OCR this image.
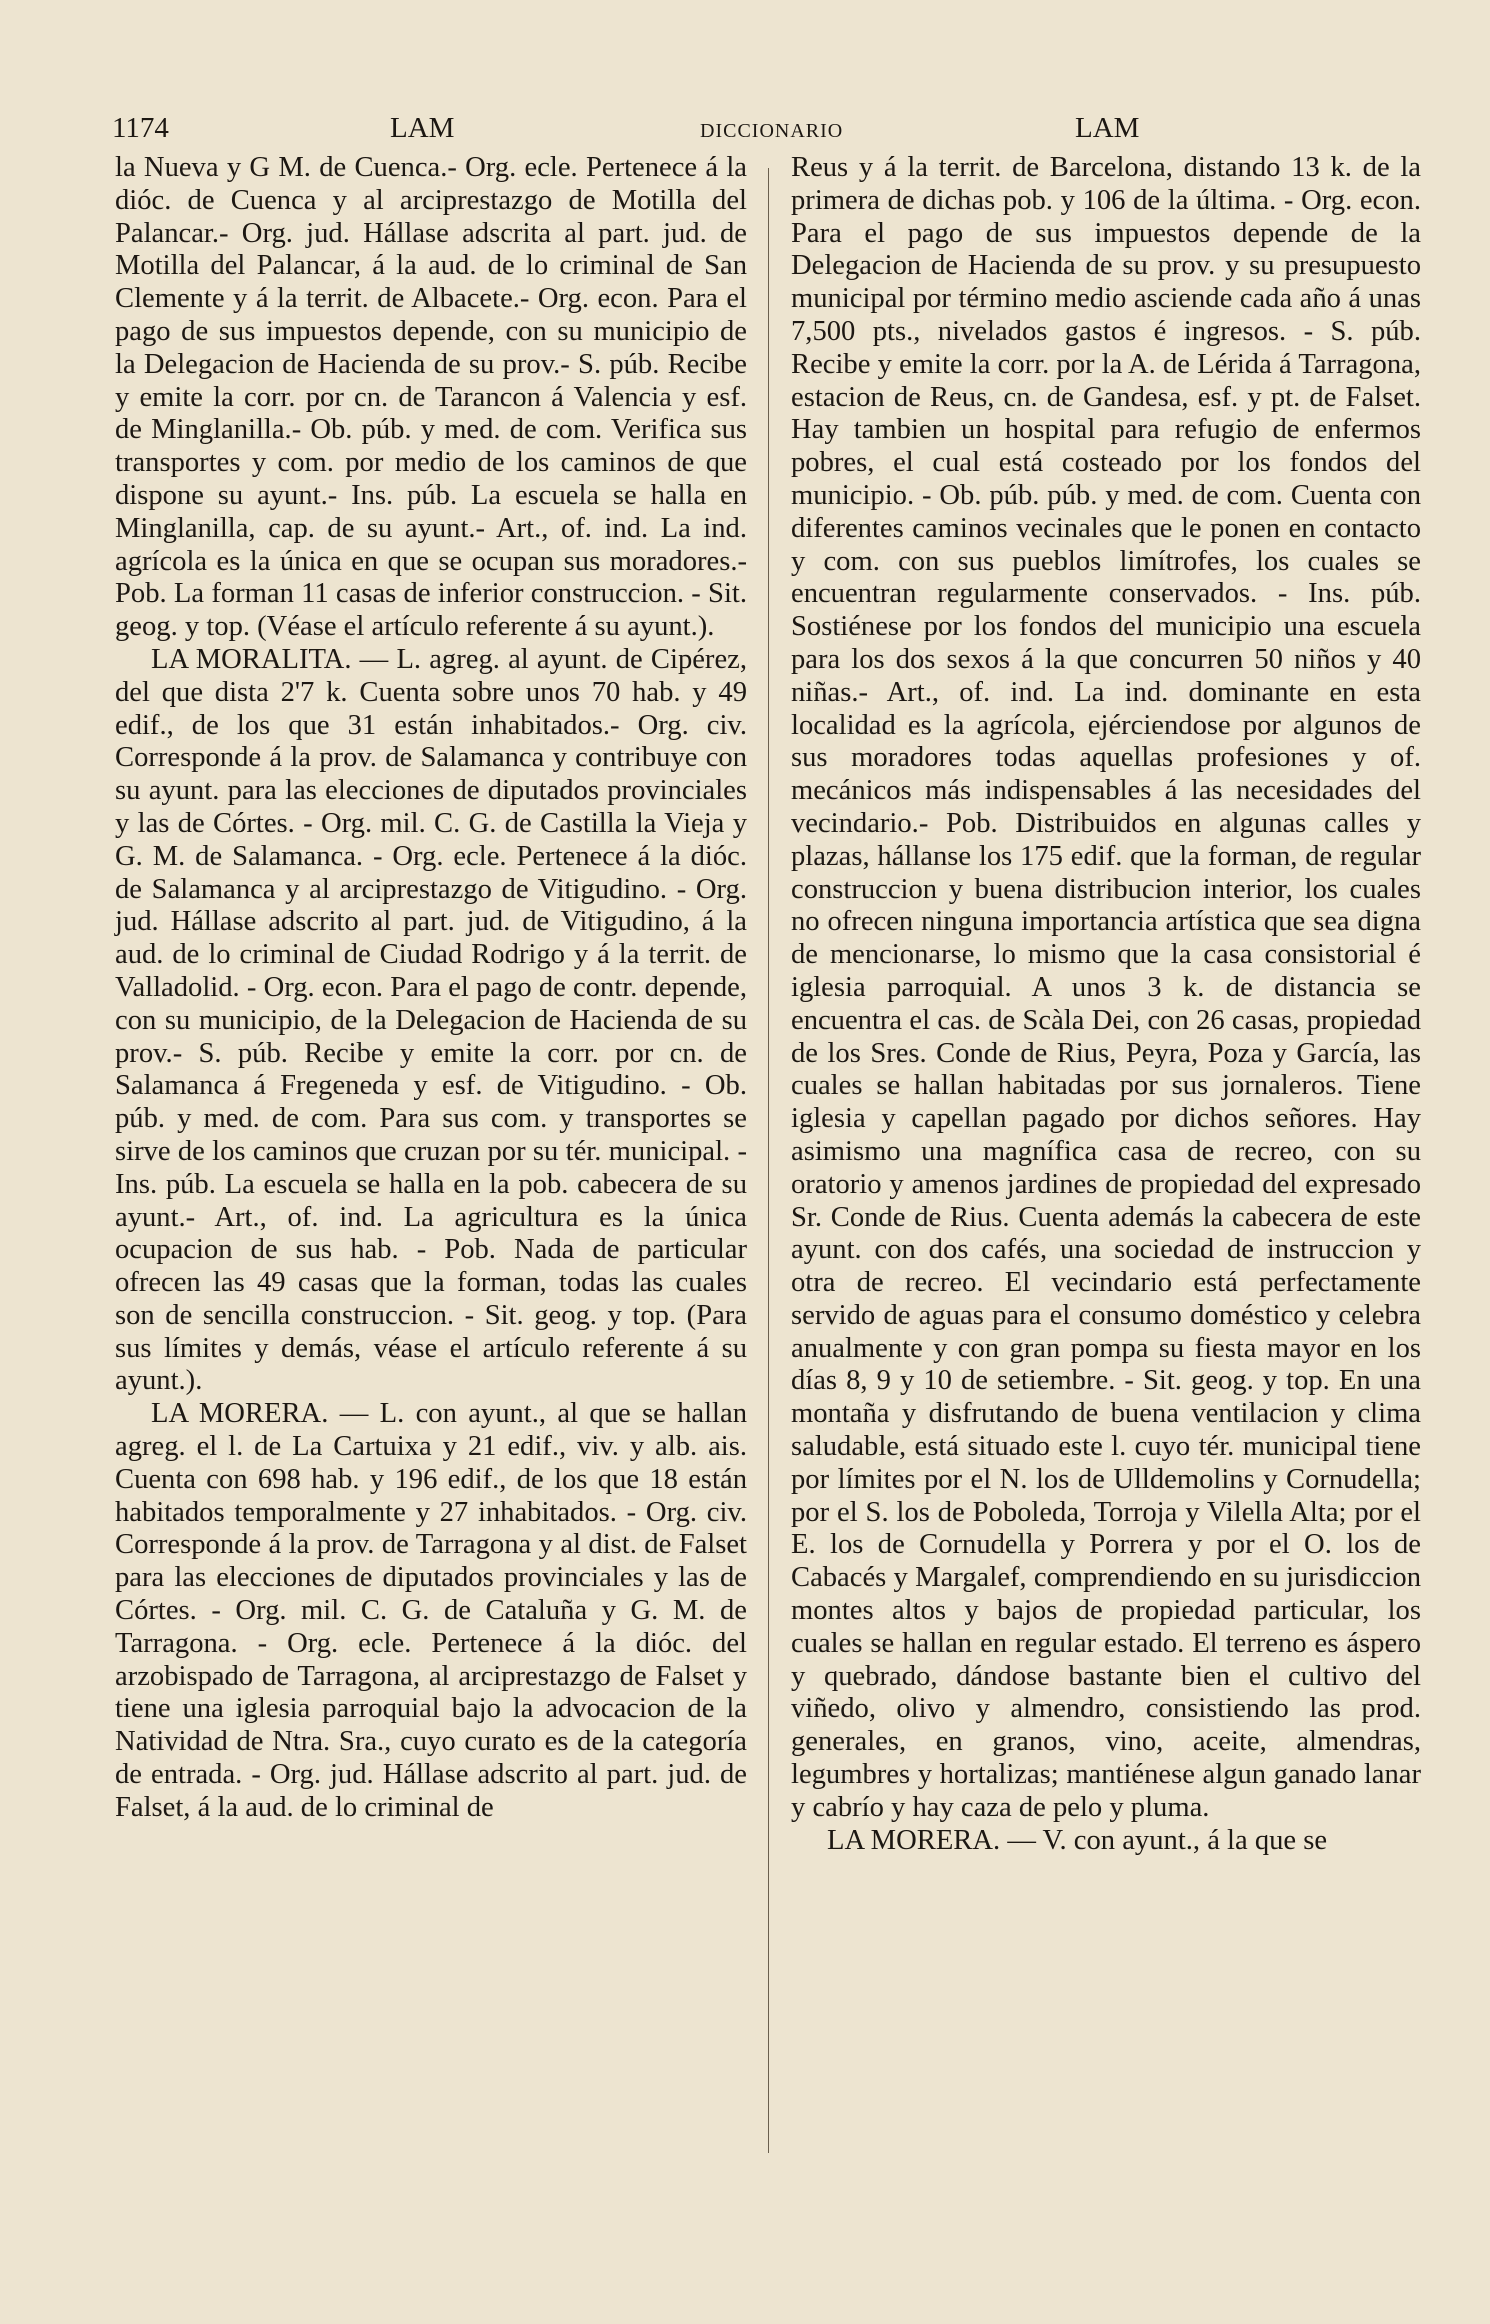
1174	LAM	DICCIONARIO	LAM

la Nueva y G M. de Cuenca.- Org. ecle. Pertenece á la dióc. de Cuenca y al arciprestazgo de Motilla del Palancar.- Org. jud. Hállase adscrita al part. jud. de Motilla del Palancar, á la aud. de lo criminal de San Clemente y á la territ. de Albacete.- Org. econ. Para el pago de sus impuestos depende, con su municipio de la Delegacion de Hacienda de su prov.- S. púb. Recibe y emite la corr. por cn. de Tarancon á Valencia y esf. de Minglanilla.- Ob. púb. y med. de com. Verifica sus transportes y com. por medio de los caminos de que dispone su ayunt.- Ins. púb. La escuela se halla en Minglanilla, cap. de su ayunt.- Art., of. ind. La ind. agrícola es la única en que se ocupan sus moradores.- Pob. La forman 11 casas de inferior construccion. - Sit. geog. y top. (Véase el artículo referente á su ayunt.).

LA MORALITA. — L. agreg. al ayunt. de Cipérez, del que dista 2'7 k. Cuenta sobre unos 70 hab. y 49 edif., de los que 31 están inhabitados.- Org. civ. Corresponde á la prov. de Salamanca y contribuye con su ayunt. para las elecciones de diputados provinciales y las de Córtes. - Org. mil. C. G. de Castilla la Vieja y G. M. de Salamanca. - Org. ecle. Pertenece á la dióc. de Salamanca y al arciprestazgo de Vitigudino. - Org. jud. Hállase adscrito al part. jud. de Vitigudino, á la aud. de lo criminal de Ciudad Rodrigo y á la territ. de Valladolid. - Org. econ. Para el pago de contr. depende, con su municipio, de la Delegacion de Hacienda de su prov.- S. púb. Recibe y emite la corr. por cn. de Salamanca á Fregeneda y esf. de Vitigudino. - Ob. púb. y med. de com. Para sus com. y transportes se sirve de los caminos que cruzan por su tér. municipal. - Ins. púb. La escuela se halla en la pob. cabecera de su ayunt.- Art., of. ind. La agricultura es la única ocupacion de sus hab. - Pob. Nada de particular ofrecen las 49 casas que la forman, todas las cuales son de sencilla construccion. - Sit. geog. y top. (Para sus límites y demás, véase el artículo referente á su ayunt.).

LA MORERA. — L. con ayunt., al que se hallan agreg. el l. de La Cartuixa y 21 edif., viv. y alb. ais. Cuenta con 698 hab. y 196 edif., de los que 18 están habitados temporalmente y 27 inhabitados. - Org. civ. Corresponde á la prov. de Tarragona y al dist. de Falset para las elecciones de diputados provinciales y las de Córtes. - Org. mil. C. G. de Cataluña y G. M. de Tarragona. - Org. ecle. Pertenece á la dióc. del arzobispado de Tarragona, al arciprestazgo de Falset y tiene una iglesia parroquial bajo la advocacion de la Natividad de Ntra. Sra., cuyo curato es de la categoría de entrada. - Org. jud. Hállase adscrito al part. jud. de Falset, á la aud. de lo criminal de

Reus y á la territ. de Barcelona, distando 13 k. de la primera de dichas pob. y 106 de la última. - Org. econ. Para el pago de sus impuestos depende de la Delegacion de Hacienda de su prov. y su presupuesto municipal por término medio asciende cada año á unas 7,500 pts., nivelados gastos é ingresos. - S. púb. Recibe y emite la corr. por la A. de Lérida á Tarragona, estacion de Reus, cn. de Gandesa, esf. y pt. de Falset. Hay tambien un hospital para refugio de enfermos pobres, el cual está costeado por los fondos del municipio. - Ob. púb. púb. y med. de com. Cuenta con diferentes caminos vecinales que le ponen en contacto y com. con sus pueblos limítrofes, los cuales se encuentran regularmente conservados. - Ins. púb. Sostiénese por los fondos del municipio una escuela para los dos sexos á la que concurren 50 niños y 40 niñas.- Art., of. ind. La ind. dominante en esta localidad es la agrícola, ejérciendose por algunos de sus moradores todas aquellas profesiones y of. mecánicos más indispensables á las necesidades del vecindario.- Pob. Distribuidos en algunas calles y plazas, hállanse los 175 edif. que la forman, de regular construccion y buena distribucion interior, los cuales no ofrecen ninguna importancia artística que sea digna de mencionarse, lo mismo que la casa consistorial é iglesia parroquial. A unos 3 k. de distancia se encuentra el cas. de Scàla Dei, con 26 casas, propiedad de los Sres. Conde de Rius, Peyra, Poza y García, las cuales se hallan habitadas por sus jornaleros. Tiene iglesia y capellan pagado por dichos señores. Hay asimismo una magnífica casa de recreo, con su oratorio y amenos jardines de propiedad del expresado Sr. Conde de Rius. Cuenta además la cabecera de este ayunt. con dos cafés, una sociedad de instruccion y otra de recreo. El vecindario está perfectamente servido de aguas para el consumo doméstico y celebra anualmente y con gran pompa su fiesta mayor en los días 8, 9 y 10 de setiembre. - Sit. geog. y top. En una montaña y disfrutando de buena ventilacion y clima saludable, está situado este l. cuyo tér. municipal tiene por límites por el N. los de Ulldemolins y Cornudella; por el S. los de Poboleda, Torroja y Vilella Alta; por el E. los de Cornudella y Porrera y por el O. los de Cabacés y Margalef, comprendiendo en su jurisdiccion montes altos y bajos de propiedad particular, los cuales se hallan en regular estado. El terreno es áspero y quebrado, dándose bastante bien el cultivo del viñedo, olivo y almendro, consistiendo las prod. generales, en granos, vino, aceite, almendras, legumbres y hortalizas; mantiénese algun ganado lanar y cabrío y hay caza de pelo y pluma.

LA MORERA. — V. con ayunt., á la que se
